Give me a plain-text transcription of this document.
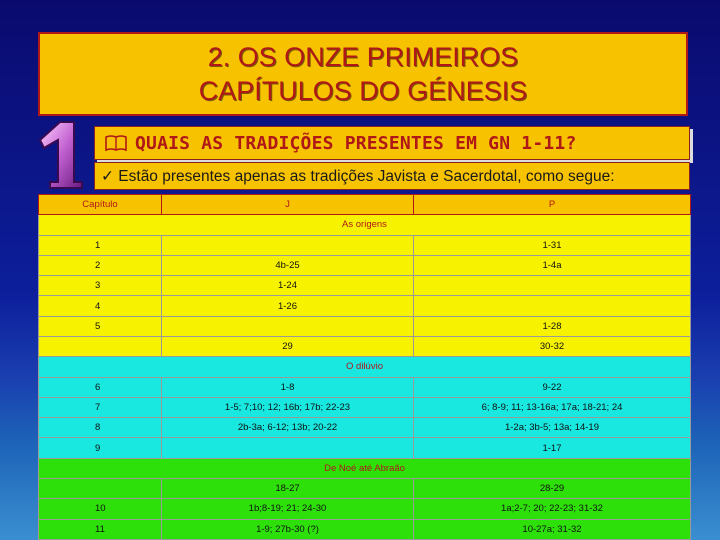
2. OS ONZE PRIMEIROS
CAPÍTULOS DO GÉNESIS
QUAIS AS TRADIÇÕES PRESENTES EM GN 1-11?
✓ Estão presentes apenas as tradições Javista e Sacerdotal, como segue:
Capítulo	J	P
As origens		
1		1-31
2	4b-25	1-4a
3	1-24	
4	1-26	
5		1-28
	29	30-32
O dilúvio		
6	1-8	9-22
7	1-5; 7;10; 12; 16b; 17b; 22-23	6; 8-9; 11; 13-16a; 17a; 18-21; 24
8	2b-3a; 6-12; 13b; 20-22	1-2a; 3b-5; 13a; 14-19
9		1-17
De Noé até Abraão		
	18-27	28-29
10	1b;8-19; 21; 24-30	1a;2-7; 20; 22-23; 31-32
11	1-9; 27b-30 (?)	10-27a; 31-32
